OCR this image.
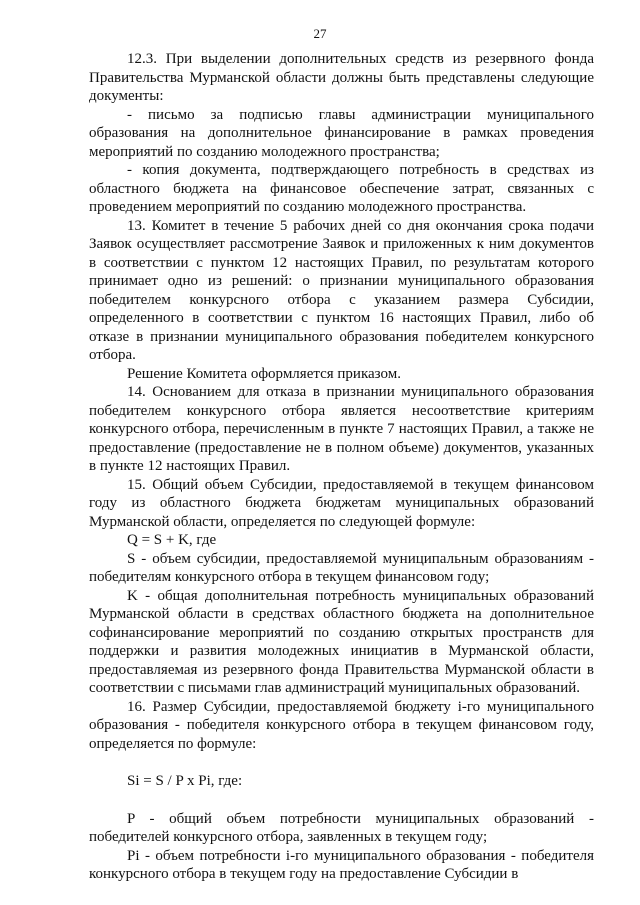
27

12.3. При выделении дополнительных средств из резервного фонда Правительства Мурманской области должны быть представлены следующие документы:

- письмо за подписью главы администрации муниципального образования на дополнительное финансирование в рамках проведения мероприятий по созданию молодежного пространства;

- копия документа, подтверждающего потребность в средствах из областного бюджета на финансовое обеспечение затрат, связанных с проведением мероприятий по созданию молодежного пространства.

13. Комитет в течение 5 рабочих дней со дня окончания срока подачи Заявок осуществляет рассмотрение Заявок и приложенных к ним документов в соответствии с пунктом 12 настоящих Правил, по результатам которого принимает одно из решений: о признании муниципального образования победителем конкурсного отбора с указанием размера Субсидии, определенного в соответствии с пунктом 16 настоящих Правил, либо об отказе в признании муниципального образования победителем конкурсного отбора.

Решение Комитета оформляется приказом.

14. Основанием для отказа в признании муниципального образования победителем конкурсного отбора является несоответствие критериям конкурсного отбора, перечисленным в пункте 7 настоящих Правил, а также не предоставление (предоставление не в полном объеме) документов, указанных в пункте 12 настоящих Правил.

15. Общий объем Субсидии, предоставляемой в текущем финансовом году из областного бюджета бюджетам муниципальных образований Мурманской области, определяется по следующей формуле:

Q = S + K, где

S - объем субсидии, предоставляемой муниципальным образованиям - победителям конкурсного отбора в текущем финансовом году;

K - общая дополнительная потребность муниципальных образований Мурманской области в средствах областного бюджета на дополнительное софинансирование мероприятий по созданию открытых пространств для поддержки и развития молодежных инициатив в Мурманской области, предоставляемая из резервного фонда Правительства Мурманской области в соответствии с письмами глав администраций муниципальных образований.

16. Размер Субсидии, предоставляемой бюджету i-го муниципального образования - победителя конкурсного отбора в текущем финансовом году, определяется по формуле:

Si = S / P x Pi, где:

P - общий объем потребности муниципальных образований - победителей конкурсного отбора, заявленных в текущем году;

Pi - объем потребности i-го муниципального образования - победителя конкурсного отбора в текущем году на предоставление Субсидии в
